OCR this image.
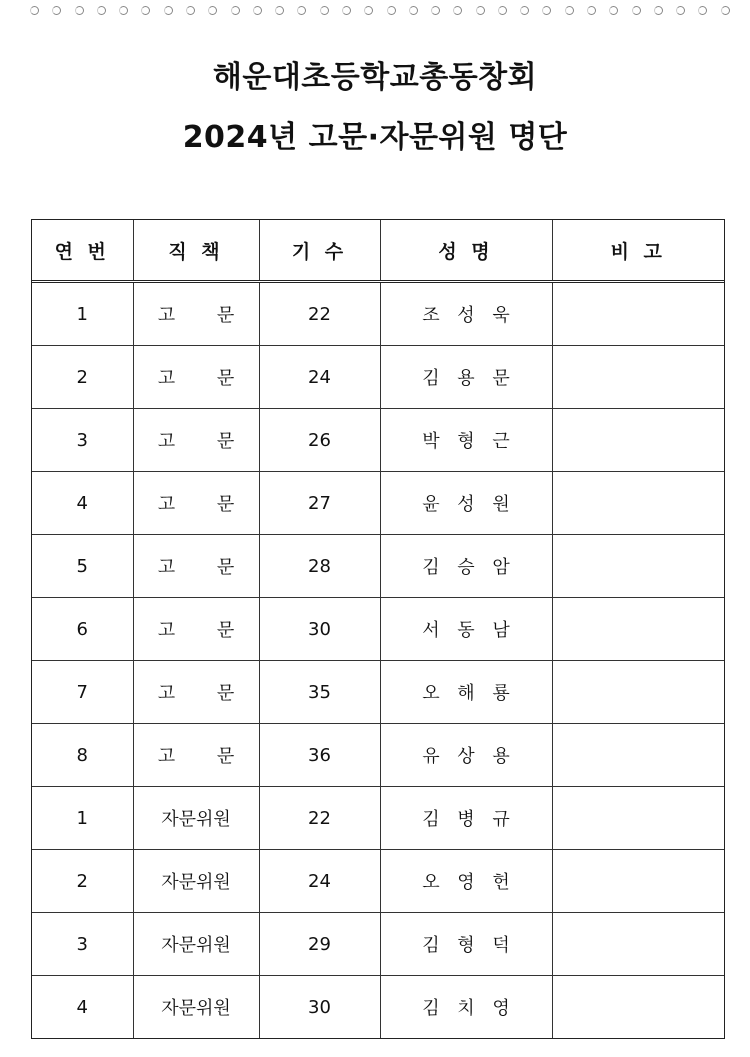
해운대초등학교총동창회
2024년 고문·자문위원 명단
연 번	직 책	기 수	성 명	비 고
1	고 문	22	조 성 욱	
2	고 문	24	김 용 문	
3	고 문	26	박 형 근	
4	고 문	27	윤 성 원	
5	고 문	28	김 승 암	
6	고 문	30	서 동 남	
7	고 문	35	오 해 룡	
8	고 문	36	유 상 용	
1	자문위원	22	김 병 규	
2	자문위원	24	오 영 헌	
3	자문위원	29	김 형 덕	
4	자문위원	30	김 치 영	
